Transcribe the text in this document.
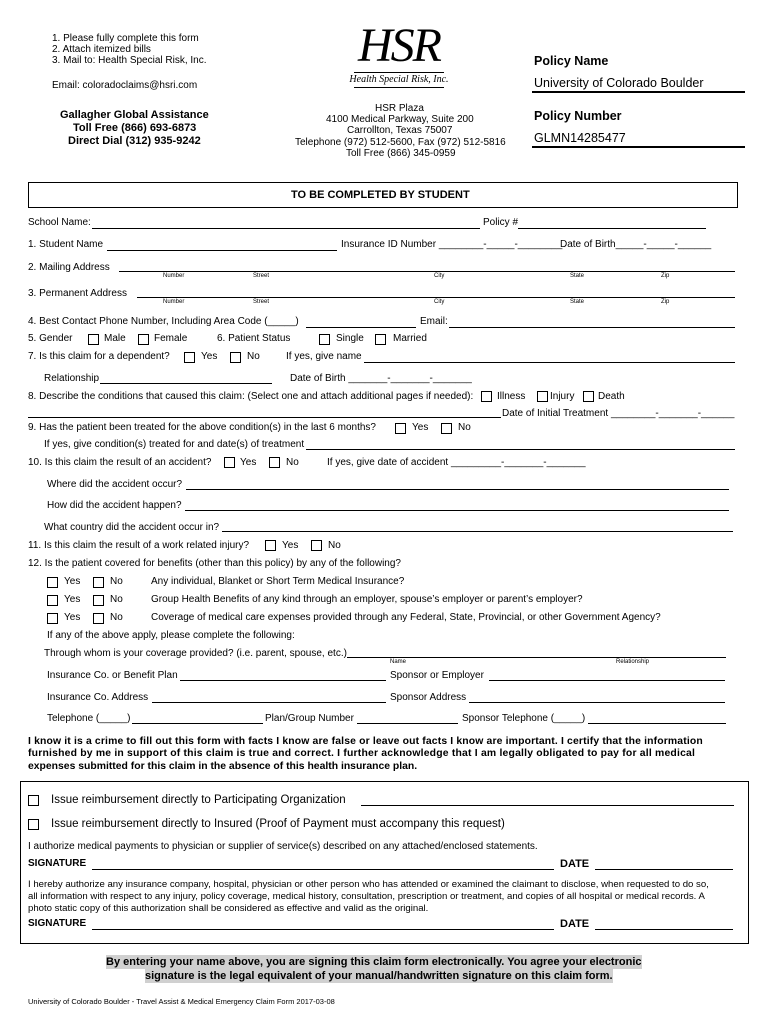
1. Please fully complete this form
2. Attach itemized bills
3. Mail to: Health Special Risk, Inc.
Email: coloradoclaims@hsri.com
Gallagher Global Assistance
Toll Free (866) 693-6873
Direct Dial (312) 935-9242
HSR
Health Special Risk, Inc.
HSR Plaza
4100 Medical Parkway, Suite 200
Carrollton, Texas 75007
Telephone (972) 512-5600, Fax (972) 512-5816
Toll Free (866) 345-0959
Policy Name
University of Colorado Boulder
Policy Number
GLMN14285477
TO BE COMPLETED BY STUDENT
School Name:	Policy #
1. Student Name	Insurance ID Number ________-_____-________
Date of Birth_____-_____-______
2. Mailing Address
Number	Street	City	State	Zip
3. Permanent Address
Number	Street	City	State	Zip
4. Best Contact Phone Number, Including Area Code (_____)	Email:
5. Gender	Male	Female	6. Patient Status	Single	Married
7. Is this claim for a dependent?	Yes	No	If yes, give name
Relationship	Date of Birth _______-_______-_______
8. Describe the conditions that caused this claim: (Select one and attach additional pages if needed): Illness Injury Death
Date of Initial Treatment ________-_______-______
9. Has the patient been treated for the above condition(s) in the last 6 months?	Yes	No
If yes, give condition(s) treated for and date(s) of treatment
10. Is this claim the result of an accident?	Yes	No	If yes, give date of accident _________-_______-_______
Where did the accident occur?
How did the accident happen?
What country did the accident occur in?
11. Is this claim the result of a work related injury?	Yes	No
12. Is the patient covered for benefits (other than this policy) by any of the following?
Yes	No	Any individual, Blanket or Short Term Medical Insurance?
Yes	No	Group Health Benefits of any kind through an employer, spouse’s employer or parent’s employer?
Yes	No	Coverage of medical care expenses provided through any Federal, State, Provincial, or other Government Agency?
If any of the above apply, please complete the following:
Through whom is your coverage provided? (i.e. parent, spouse, etc.)
Name	Relationship
Insurance Co. or Benefit Plan	Sponsor or Employer
Insurance Co. Address	Sponsor Address
Telephone (_____)	Plan/Group Number	Sponsor Telephone (_____)
I know it is a crime to fill out this form with facts I know are false or leave out facts I know are important. I certify that the information
furnished by me in support of this claim is true and correct. I further acknowledge that I am legally obligated to pay for all medical
expenses submitted for this claim in the absence of this health insurance plan.
Issue reimbursement directly to Participating Organization
Issue reimbursement directly to Insured (Proof of Payment must accompany this request)
I authorize medical payments to physician or supplier of service(s) described on any attached/enclosed statements.
SIGNATURE	DATE
I hereby authorize any insurance company, hospital, physician or other person who has attended or examined the claimant to disclose, when requested to do so,
all information with respect to any injury, policy coverage, medical history, consultation, prescription or treatment, and copies of all hospital or medical records. A
photo static copy of this authorization shall be considered as effective and valid as the original.
SIGNATURE	DATE
By entering your name above, you are signing this claim form electronically. You agree your electronic
signature is the legal equivalent of your manual/handwritten signature on this claim form.
University of Colorado Boulder - Travel Assist & Medical Emergency Claim Form 2017-03-08
